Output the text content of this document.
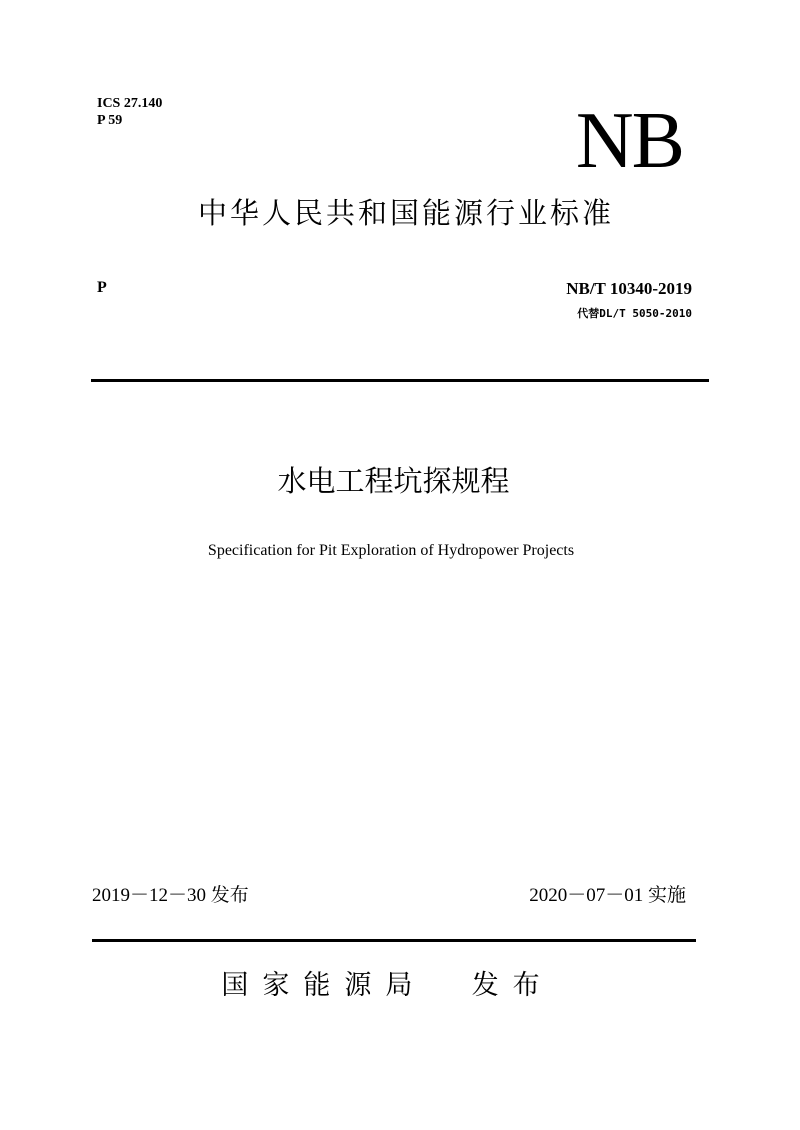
ICS 27.140
P 59	NB
中华人民共和国能源行业标准
P	NB/T 10340-2019
代替DL/T 5050-2010
水电工程坑探规程
Specification for Pit Exploration of Hydropower Projects
2019－12－30 发布	2020－07－01 实施
国家能源局  发布
